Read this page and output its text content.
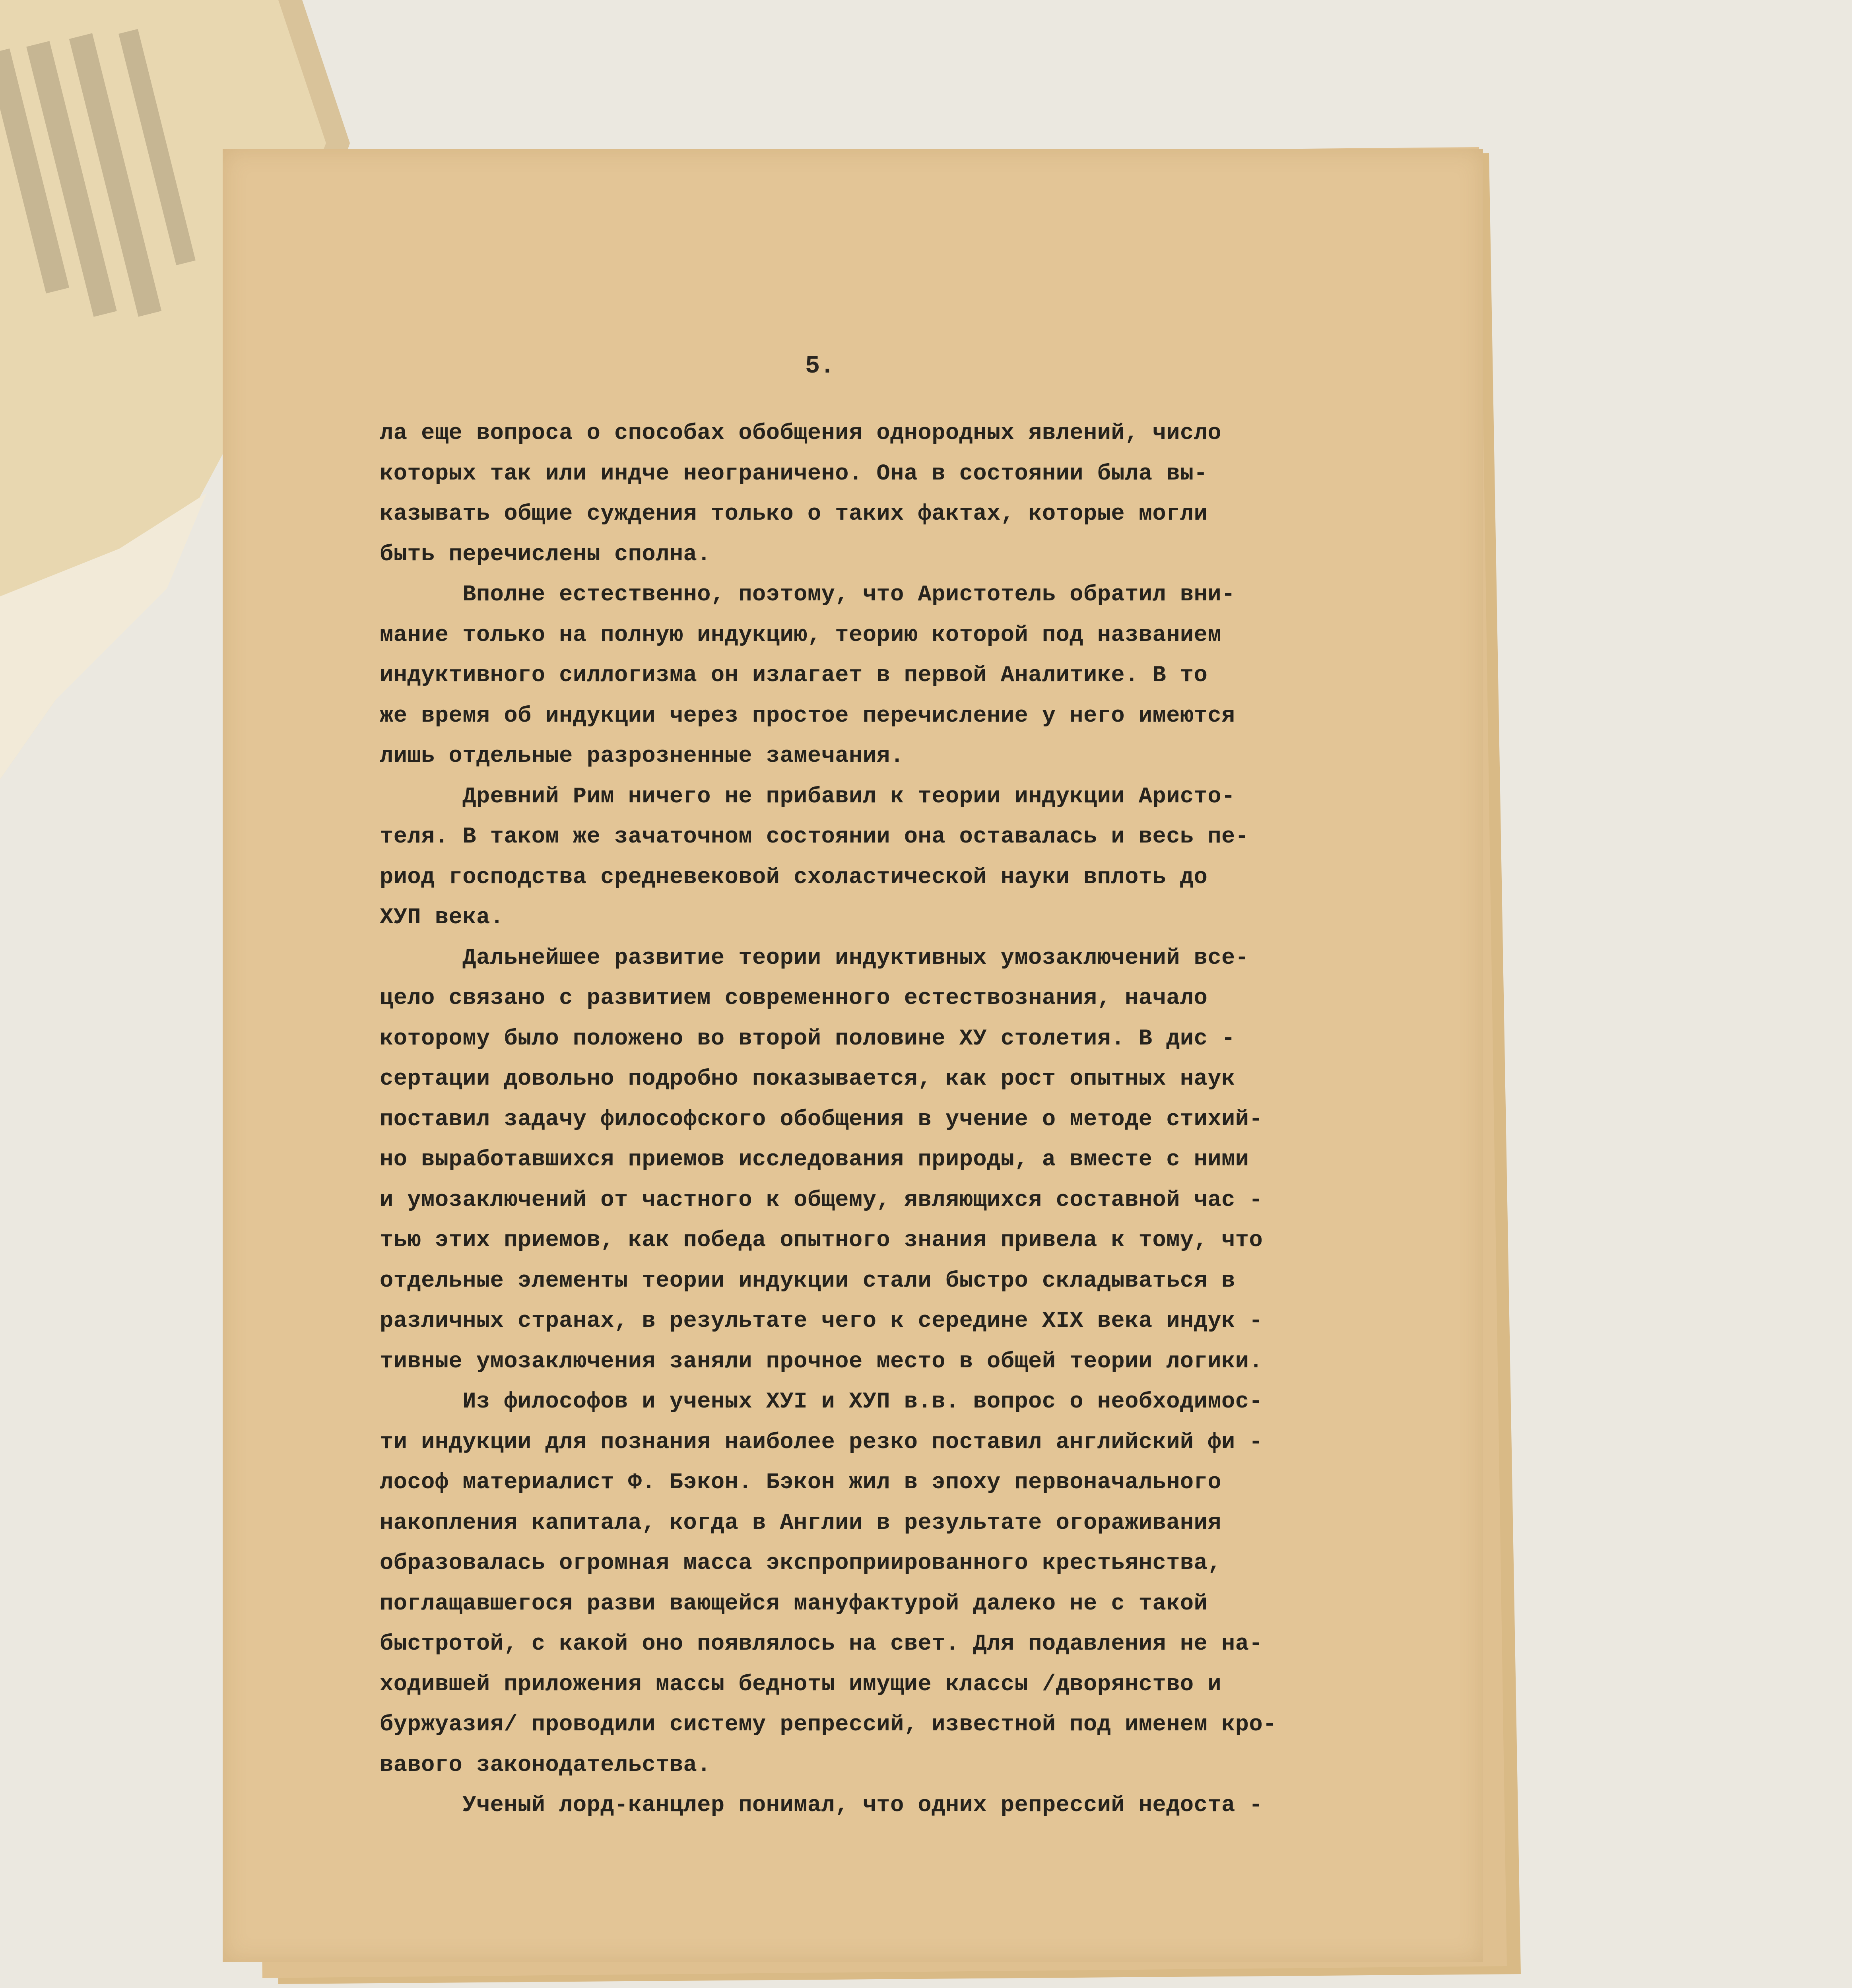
5.
ла еще вопроса о способах обобщения однородных явлений, число
которых так или индче неограничено. Она в состоянии была вы-
казывать общие суждения только о таких фактах, которые могли
быть перечислены сполна.
Вполне естественно, поэтому, что Аристотель обратил вни-
мание только на полную индукцию, теорию которой под названием
индуктивного силлогизма он излагает в первой Аналитике. В то
же время об индукции через простое перечисление у него имеются
лишь отдельные разрозненные замечания.
Древний Рим ничего не прибавил к теории индукции Аристо-
теля. В таком же зачаточном состоянии она оставалась и весь пе-
риод господства средневековой схоластической науки вплоть до
ХУП века.
Дальнейшее развитие теории индуктивных умозаключений все-
цело связано с развитием современного естествознания, начало
которому было положено во второй половине ХУ столетия. В дис -
сертации довольно подробно показывается, как рост опытных наук
поставил задачу философского обобщения в учение о методе стихий-
но выработавшихся приемов исследования природы, а вместе с ними
и умозаключений от частного к общему, являющихся составной час -
тью этих приемов, как победа опытного знания привела к тому, что
отдельные элементы теории индукции стали быстро складываться в
различных странах, в результате чего к середине XIX века индук -
тивные умозаключения заняли прочное место в общей теории логики.
Из философов и ученых ХУI и ХУП в.в. вопрос о необходимос-
ти индукции для познания наиболее резко поставил английский фи -
лософ материалист Ф. Бэкон. Бэкон жил в эпоху первоначального
накопления капитала, когда в Англии в результате огораживания
образовалась огромная масса экспроприированного крестьянства,
поглащавшегося разви вающейся мануфактурой далеко не с такой
быстротой, с какой оно появлялось на свет. Для подавления не на-
ходившей приложения массы бедноты имущие классы /дворянство и
буржуазия/ проводили систему репрессий, известной под именем кро-
вавого законодательства.
Ученый лорд-канцлер понимал, что одних репрессий недоста -
